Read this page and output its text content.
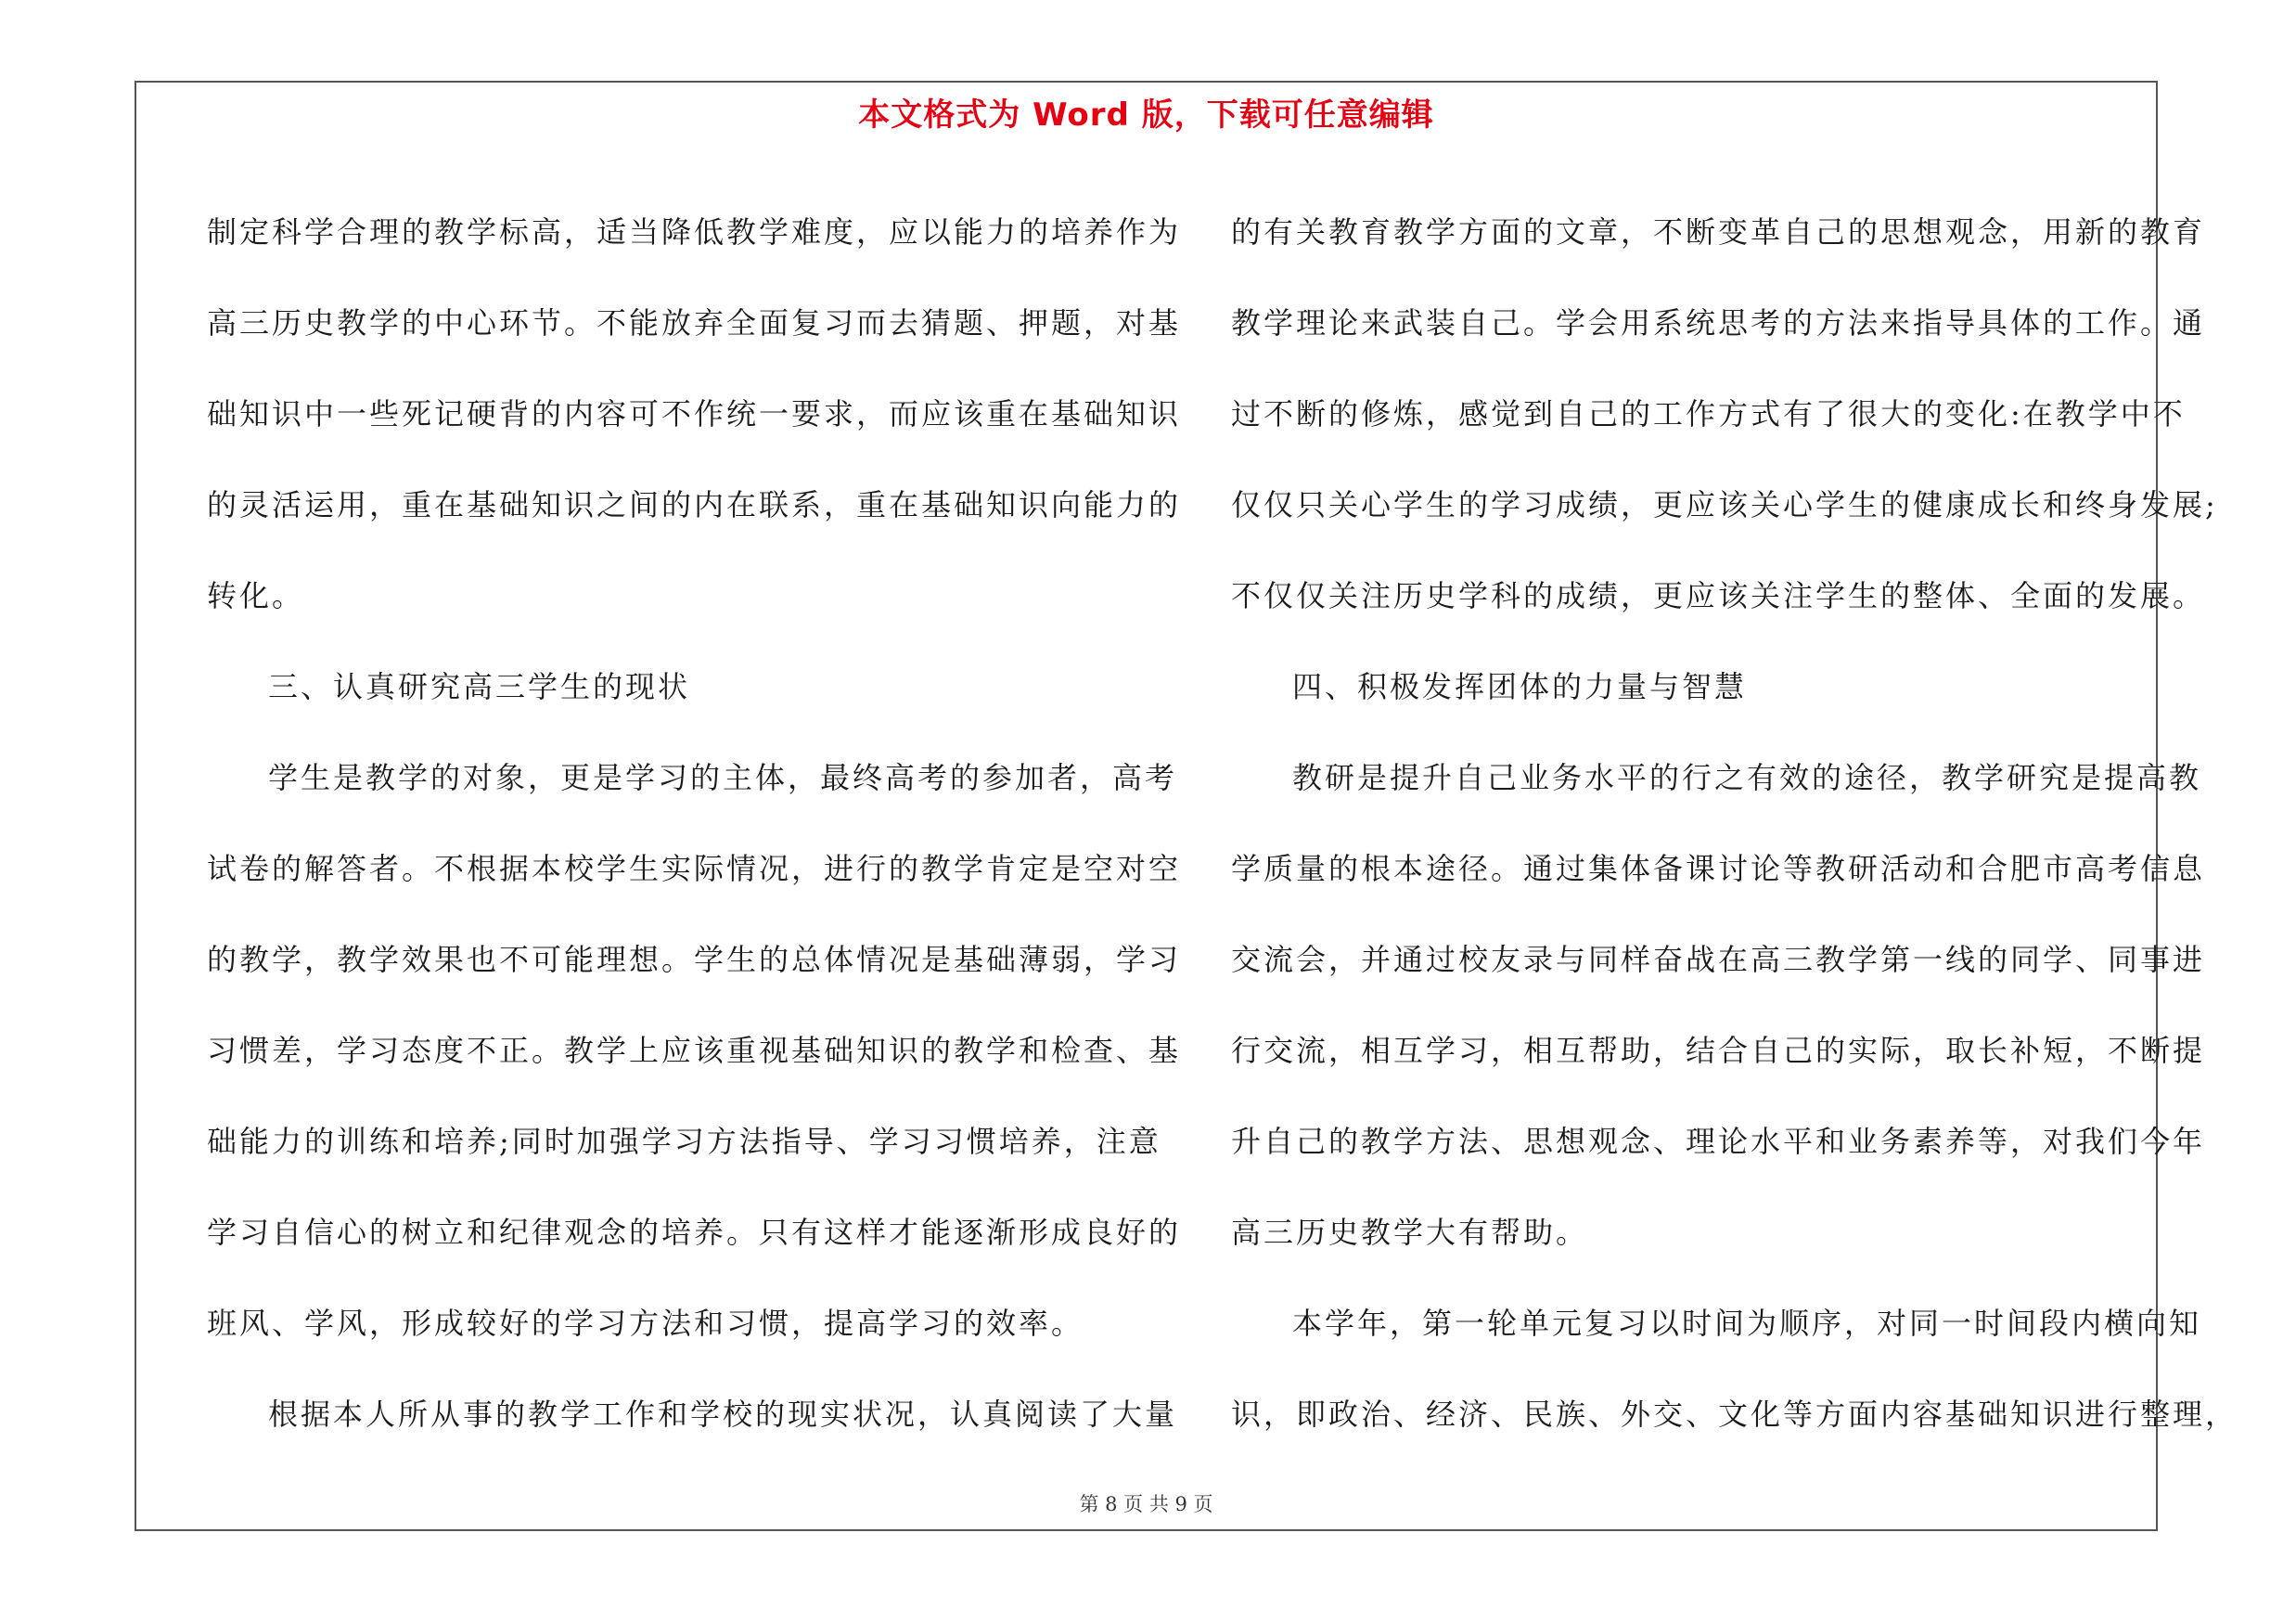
本文格式为 Word 版，下载可任意编辑
制定科学合理的教学标高，适当降低教学难度，应以能力的培养作为
高三历史教学的中心环节。不能放弃全面复习而去猜题、押题，对基
础知识中一些死记硬背的内容可不作统一要求，而应该重在基础知识
的灵活运用，重在基础知识之间的内在联系，重在基础知识向能力的
转化。
三、认真研究高三学生的现状
学生是教学的对象，更是学习的主体，最终高考的参加者，高考
试卷的解答者。不根据本校学生实际情况，进行的教学肯定是空对空
的教学，教学效果也不可能理想。学生的总体情况是基础薄弱，学习
习惯差，学习态度不正。教学上应该重视基础知识的教学和检查、基
础能力的训练和培养;同时加强学习方法指导、学习习惯培养，注意
学习自信心的树立和纪律观念的培养。只有这样才能逐渐形成良好的
班风、学风，形成较好的学习方法和习惯，提高学习的效率。
根据本人所从事的教学工作和学校的现实状况，认真阅读了大量
的有关教育教学方面的文章，不断变革自己的思想观念，用新的教育
教学理论来武装自己。学会用系统思考的方法来指导具体的工作。通
过不断的修炼，感觉到自己的工作方式有了很大的变化:在教学中不
仅仅只关心学生的学习成绩，更应该关心学生的健康成长和终身发展;
不仅仅关注历史学科的成绩，更应该关注学生的整体、全面的发展。
四、积极发挥团体的力量与智慧
教研是提升自己业务水平的行之有效的途径，教学研究是提高教
学质量的根本途径。通过集体备课讨论等教研活动和合肥市高考信息
交流会，并通过校友录与同样奋战在高三教学第一线的同学、同事进
行交流，相互学习，相互帮助，结合自己的实际，取长补短，不断提
升自己的教学方法、思想观念、理论水平和业务素养等，对我们今年
高三历史教学大有帮助。
本学年，第一轮单元复习以时间为顺序，对同一时间段内横向知
识，即政治、经济、民族、外交、文化等方面内容基础知识进行整理，
第 8 页 共 9 页
